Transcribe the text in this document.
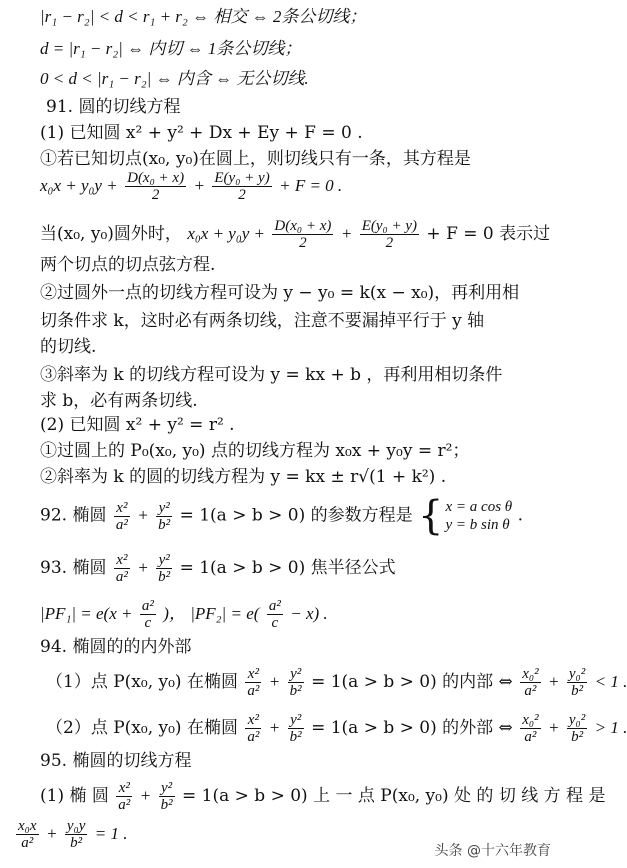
|r₁ − r₂| < d < r₁ + r₂ ⇔ 相交 ⇔ 2条公切线；
d = |r₁ − r₂| ⇔ 内切 ⇔ 1条公切线；
0 < d < |r₁ − r₂| ⇔ 内含 ⇔ 无公切线.
91. 圆的切线方程
(1) 已知圆 x² + y² + Dx + Ey + F = 0 .
①若已知切点(x₀, y₀)在圆上，则切线只有一条，其方程是
$x_0x + y_0y + \frac{\text{D(x₀ + x)}}{2} + \frac{\text{E(y₀ + y)}}{2} + F = 0$ .
当(x₀, y₀)圆外时， $x_0x + y_0y + \frac{\text{D(x₀ + x)}}{2} + \frac{\text{E(y₀ + y)}}{2} + F = 0$ 表示过
两个切点的切点弦方程.
②过圆外一点的切线方程可设为 y − y₀ = k(x − x₀)，再利用相
切条件求 k，这时必有两条切线，注意不要漏掉平行于 y 轴
的切线.
③斜率为 k 的切线方程可设为 y = kx + b ，再利用相切条件
求 b，必有两条切线.
(2) 已知圆 x² + y² = r² .
①过圆上的 P₀(x₀, y₀) 点的切线方程为 x₀x + y₀y = r²；
②斜率为 k 的圆的切线方程为 y = kx ± r√(1 + k²) .
92. 椭圆 $\frac{\text{x²}}{\text{a²}} + \frac{\text{y²}}{\text{b²}} = 1(a > b > 0)$ 的参数方程是 { x = a cos θ
y = b sin θ .
93. 椭圆 $\frac{\text{x²}}{\text{a²}} + \frac{\text{y²}}{\text{b²}} = 1(a > b > 0)$ 焦半径公式
$|PF_1| = e(x + \frac{\text{a²}}{c}$ )， $|PF_2| = e( \frac{\text{a²}}{c} - x)$ .
94. 椭圆的的内外部
（1）点 P(x₀, y₀) 在椭圆 $\frac{\text{x²}}{\text{a²}} + \frac{\text{y²}}{\text{b²}} = 1(a > b > 0)$ 的内部 ⇔ $\frac{\text{x₀²}}{\text{a²}} + \frac{\text{y₀²}}{\text{b²}} < 1$ .
（2）点 P(x₀, y₀) 在椭圆 $\frac{\text{x²}}{\text{a²}} + \frac{\text{y²}}{\text{b²}} = 1(a > b > 0)$ 的外部 ⇔ $\frac{\text{x₀²}}{\text{a²}} + \frac{\text{y₀²}}{\text{b²}} > 1$ .
95. 椭圆的切线方程
(1) 椭 圆 $\frac{\text{x²}}{\text{a²}} + \frac{\text{y²}}{\text{b²}} = 1(a > b > 0)$ 上 一 点 P(x₀, y₀) 处 的 切 线 方 程 是
$\frac{\text{x₀x}}{\text{a²}} + \frac{\text{y₀y}}{\text{b²}} = 1$ .
头条 @十六年教育
